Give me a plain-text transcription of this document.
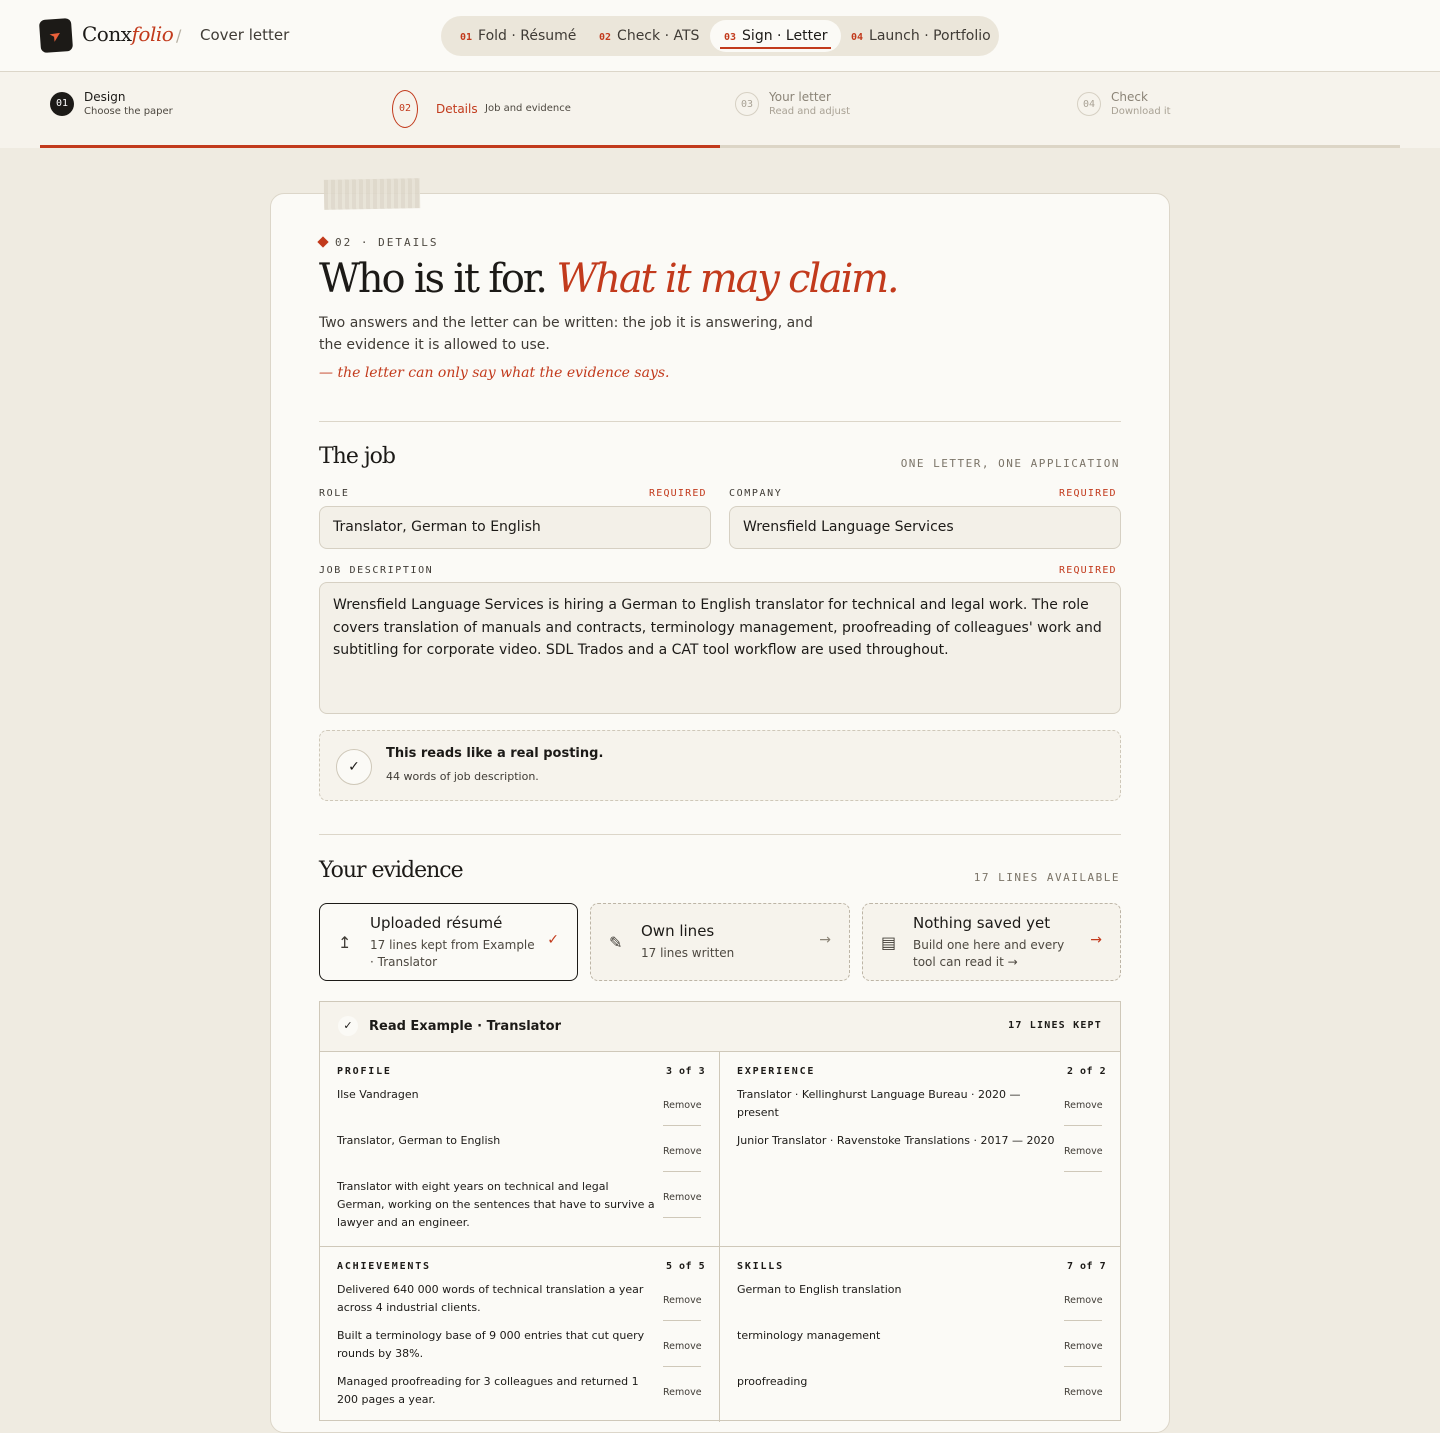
➤ Conxfolio / Cover letter	01 Fold · Résumé	02 Check · ATS	03 Sign · Letter	04 Launch · Portfolio
01	Design
Choose the paper	02	Details Job and evidence	03
Your letter
Read and adjust
04
Check
Download it
02 · DETAILS
Who is it for. What it may claim.
Two answers and the letter can be written: the job it is answering, and the evidence it is allowed to use.
— the letter can only say what the evidence says.
The job	ONE LETTER, ONE APPLICATION
ROLE	REQUIRED
Translator, German to English
COMPANY	REQUIRED
Wrensfield Language Services
JOB DESCRIPTION	REQUIRED
Wrensfield Language Services is hiring a German to English translator for technical and legal work. The role covers translation of manuals and contracts, terminology management, proofreading of colleagues' work and subtitling for corporate video. SDL Trados and a CAT tool workflow are used throughout.
✓
This reads like a real posting.
44 words of job description.
Your evidence	17 LINES AVAILABLE
↥
Uploaded résumé
17 lines kept from Example · Translator
✓	✎
Own lines
17 lines written
→	▤
Nothing saved yet
Build one here and every tool can read it →
→
✓	Read Example · Translator	17 LINES KEPT
PROFILE	3 of 3
Ilse Vandragen
Remove
Translator, German to English
Remove
Translator with eight years on technical and legal German, working on the sentences that have to survive a lawyer and an engineer.
Remove
EXPERIENCE	2 of 2
Translator · Kellinghurst Language Bureau · 2020 — present
Remove
Junior Translator · Ravenstoke Translations · 2017 — 2020
Remove
ACHIEVEMENTS	5 of 5
Delivered 640 000 words of technical translation a year across 4 industrial clients.
Remove
Built a terminology base of 9 000 entries that cut query rounds by 38%.
Remove
Managed proofreading for 3 colleagues and returned 1 200 pages a year.
Remove
SKILLS	7 of 7
German to English translation
Remove
terminology management
Remove
proofreading
Remove
